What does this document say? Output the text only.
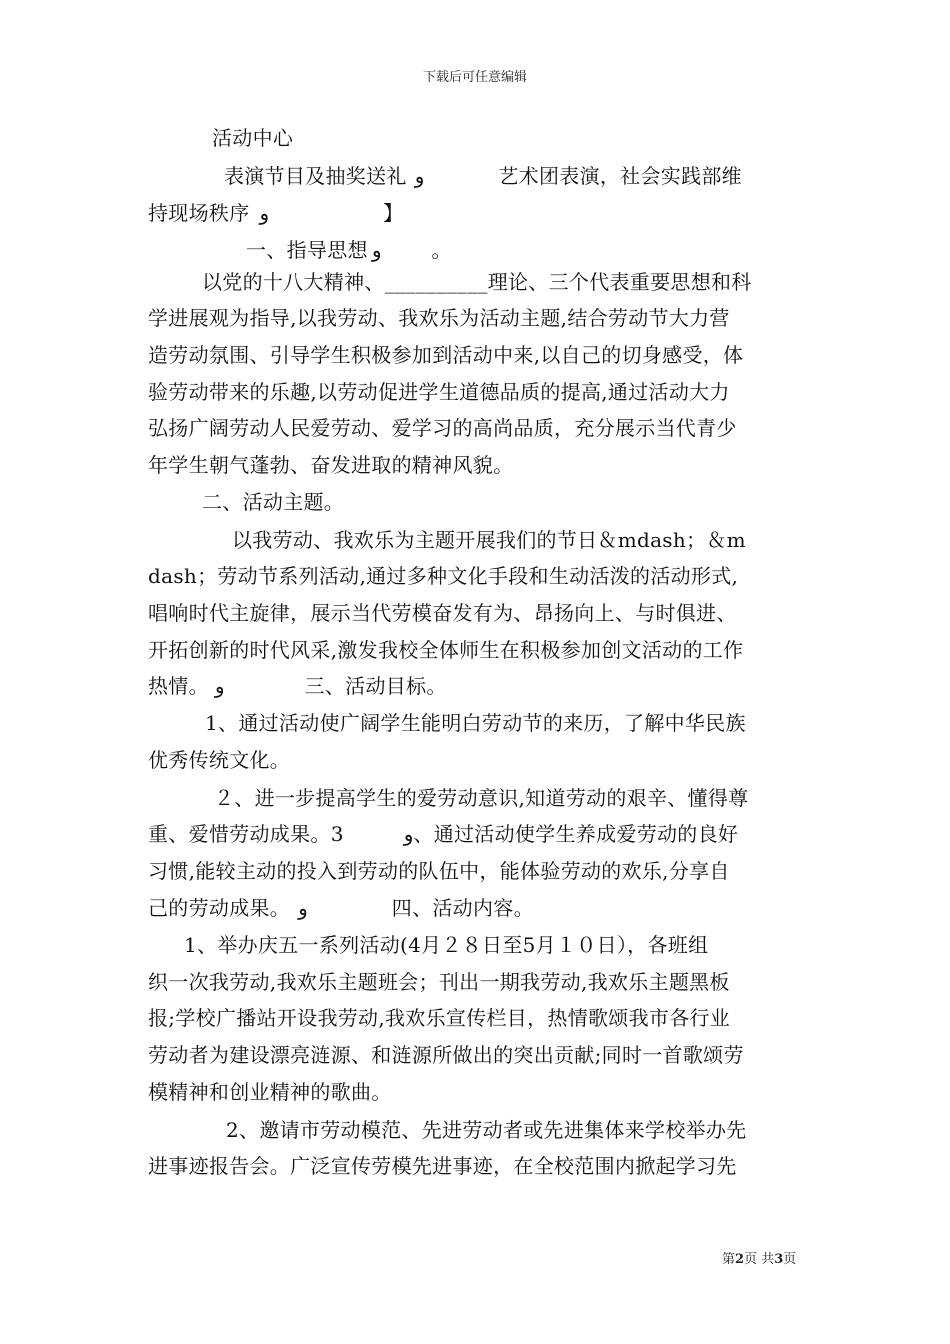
下载后可任意编辑
活动中心
表演节目及抽奖送礼 و	艺术团表演，社会实践部维
持现场秩序 و	】
一、指导思想 و	。
以党的十八大精神、__________理论、三个代表重要思想和科
学进展观为指导,以我劳动、我欢乐为活动主题,结合劳动节大力营
造劳动氛围、引导学生积极参加到活动中来,以自己的切身感受，体
验劳动带来的乐趣,以劳动促进学生道德品质的提高,通过活动大力
弘扬广阔劳动人民爱劳动、爱学习的高尚品质，充分展示当代青少
年学生朝气蓬勃、奋发进取的精神风貌。
二、活动主题。
以我劳动、我欢乐为主题开展我们的节日＆mdash；＆m
dash；劳动节系列活动,通过多种文化手段和生动活泼的活动形式,
唱响时代主旋律，展示当代劳模奋发有为、昂扬向上、与时俱进、
开拓创新的时代风采,激发我校全体师生在积极参加创文活动的工作
热情。 و	三、活动目标。
1、通过活动使广阔学生能明白劳动节的来历，了解中华民族
优秀传统文化。
２、进一步提高学生的爱劳动意识,知道劳动的艰辛、懂得尊
重、爱惜劳动成果。3	و、通过活动使学生养成爱劳动的良好
习惯,能较主动的投入到劳动的队伍中，能体验劳动的欢乐,分享自
己的劳动成果。 و	四、活动内容。
1、举办庆五一系列活动(4月２８日至5月１０日），各班组
织一次我劳动,我欢乐主题班会；刊出一期我劳动,我欢乐主题黑板
报;学校广播站开设我劳动,我欢乐宣传栏目，热情歌颂我市各行业
劳动者为建设漂亮涟源、和涟源所做出的突出贡献;同时一首歌颂劳
模精神和创业精神的歌曲。
2、邀请市劳动模范、先进劳动者或先进集体来学校举办先
进事迹报告会。广泛宣传劳模先进事迹，在全校范围内掀起学习先
第2页 共3页
